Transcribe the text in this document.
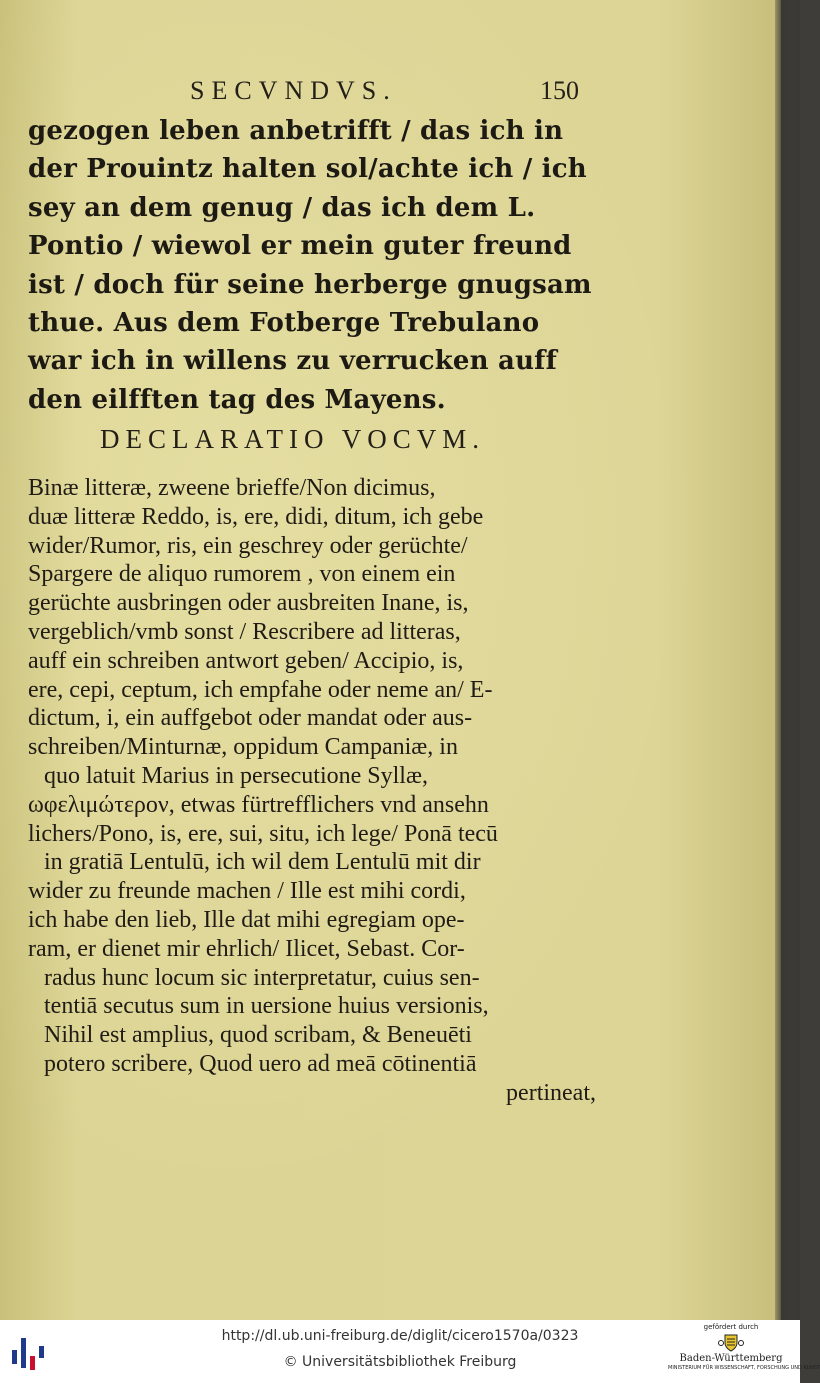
SECVNDVS.	150
gezogen leben anbetrifft / das ich in
der Prouintz halten sol/achte ich / ich
sey an dem genug / das ich dem L.
Pontio / wiewol er mein guter freund
ist / doch für seine herberge gnugsam
thue. Aus dem Fotberge Trebulano
war ich in willens zu verrucken auff
den eilfften tag des Mayens.
DECLARATIO VOCVM.
Binæ litteræ, zweene brieffe/Non dicimus,
duæ litteræ Reddo, is, ere, didi, ditum, ich gebe
wider/Rumor, ris, ein geschrey oder gerüchte/
Spargere de aliquo rumorem , von einem ein
gerüchte ausbringen oder ausbreiten Inane, is,
vergeblich/vmb sonst / Rescribere ad litteras,
auff ein schreiben antwort geben/ Accipio, is,
ere, cepi, ceptum, ich empfahe oder neme an/ E-
dictum, i, ein auffgebot oder mandat oder aus-
schreiben/Minturnæ, oppidum Campaniæ, in
quo latuit Marius in persecutione Syllæ,
ωφελιμώτερον, etwas fürtrefflichers vnd ansehn
lichers/Pono, is, ere, sui, situ, ich lege/ Ponā tecū
in gratiā Lentulū, ich wil dem Lentulū mit dir
wider zu freunde machen / Ille est mihi cordi,
ich habe den lieb, Ille dat mihi egregiam ope-
ram, er dienet mir ehrlich/ Ilicet, Sebast. Cor-
radus hunc locum sic interpretatur, cuius sen-
tentiā secutus sum in uersione huius versionis,
Nihil est amplius, quod scribam, & Beneuēti
potero scribere, Quod uero ad meā cōtinentiā
pertineat,
http://dl.ub.uni-freiburg.de/diglit/cicero1570a/0323
© Universitätsbibliothek Freiburg
gefördert durch
Baden-Württemberg
MINISTERIUM FÜR WISSENSCHAFT, FORSCHUNG UND KUNST
